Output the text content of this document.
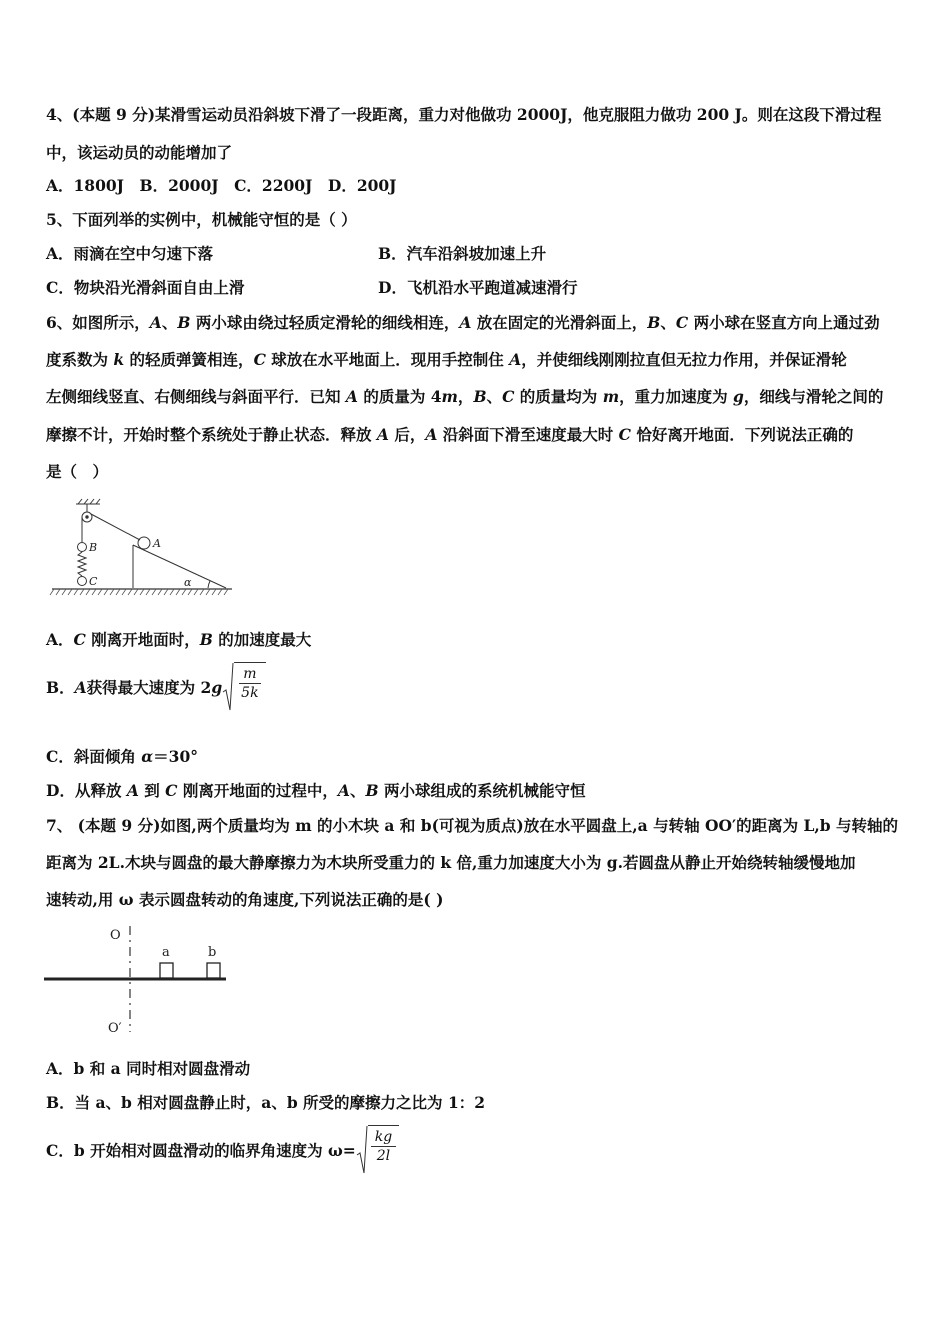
4、(本题 9 分)某滑雪运动员沿斜坡下滑了一段距离，重力对他做功 2000J，他克服阻力做功 200 J。则在这段下滑过程
中，该运动员的动能增加了
A．1800J　B．2000J　C．2200J　D．200J
5、下面列举的实例中，机械能守恒的是（ ）
A．雨滴在空中匀速下落	B．汽车沿斜坡加速上升
C．物块沿光滑斜面自由上滑	D．飞机沿水平跑道减速滑行
6、如图所示，A、B 两小球由绕过轻质定滑轮的细线相连，A 放在固定的光滑斜面上，B、C 两小球在竖直方向上通过劲
度系数为 k 的轻质弹簧相连，C 球放在水平地面上．现用手控制住 A，并使细线刚刚拉直但无拉力作用，并保证滑轮
左侧细线竖直、右侧细线与斜面平行．已知 A 的质量为 4m，B、C 的质量均为 m，重力加速度为 g，细线与滑轮之间的
摩擦不计，开始时整个系统处于静止状态．释放 A 后，A 沿斜面下滑至速度最大时 C 恰好离开地面．下列说法正确的
是（　）
B
C
A
α
A．C 刚离开地面时，B 的加速度最大
B． A 获得最大速度为 2 g $\frac{m}{5k}$
C．斜面倾角 α＝30°
D．从释放 A 到 C 刚离开地面的过程中，A、B 两小球组成的系统机械能守恒
7、 (本题 9 分)如图,两个质量均为 m 的小木块 a 和 b(可视为质点)放在水平圆盘上,a 与转轴 OO′的距离为 L,b 与转轴的
距离为 2L.木块与圆盘的最大静摩擦力为木块所受重力的 k 倍,重力加速度大小为 g.若圆盘从静止开始绕转轴缓慢地加
速转动,用 ω 表示圆盘转动的角速度,下列说法正确的是( )
O
O′
a	b
A．b 和 a 同时相对圆盘滑动
B．当 a、b 相对圆盘静止时，a、b 所受的摩擦力之比为 1：2
C．b 开始相对圆盘滑动的临界角速度为 $\omega= \frac{kg}{2l}$
